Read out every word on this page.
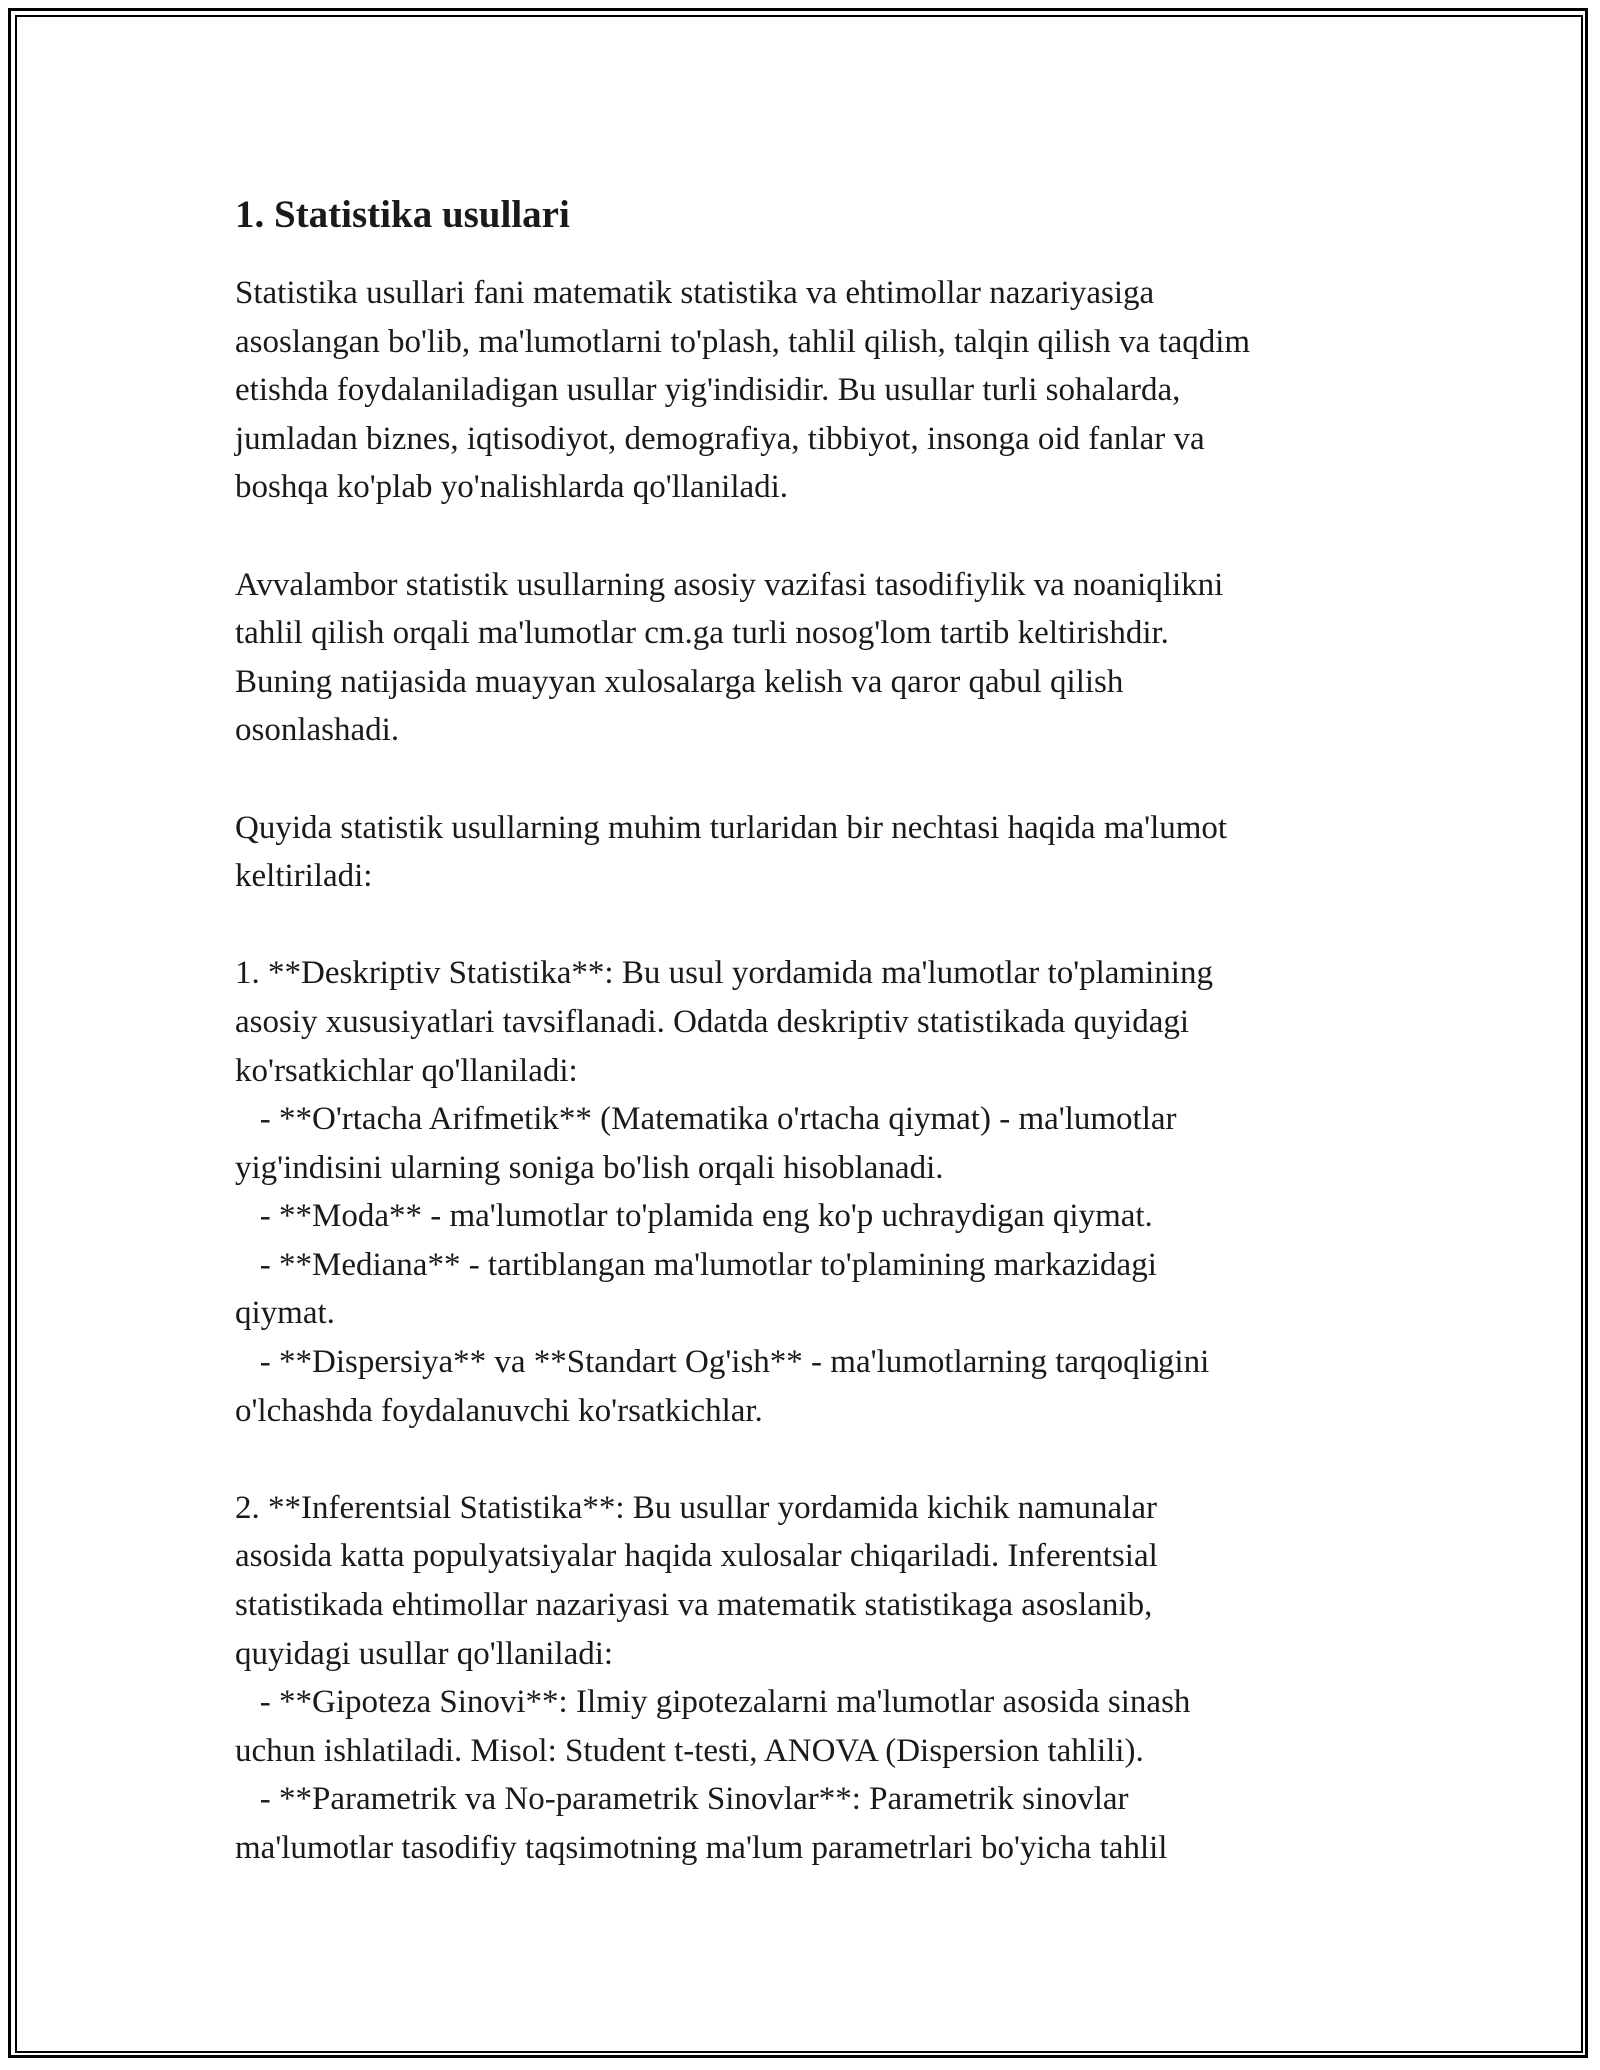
1. Statistika usullari
Statistika usullari fani matematik statistika va ehtimollar nazariyasiga
asoslangan bo'lib, ma'lumotlarni to'plash, tahlil qilish, talqin qilish va taqdim
etishda foydalaniladigan usullar yig'indisidir. Bu usullar turli sohalarda,
jumladan biznes, iqtisodiyot, demografiya, tibbiyot, insonga oid fanlar va
boshqa ko'plab yo'nalishlarda qo'llaniladi.
Avvalambor statistik usullarning asosiy vazifasi tasodifiylik va noaniqlikni
tahlil qilish orqali ma'lumotlar cm.ga turli nosog'lom tartib keltirishdir.
Buning natijasida muayyan xulosalarga kelish va qaror qabul qilish
osonlashadi.
Quyida statistik usullarning muhim turlaridan bir nechtasi haqida ma'lumot
keltiriladi:
1. **Deskriptiv Statistika**: Bu usul yordamida ma'lumotlar to'plamining
asosiy xususiyatlari tavsiflanadi. Odatda deskriptiv statistikada quyidagi
ko'rsatkichlar qo'llaniladi:
- **O'rtacha Arifmetik** (Matematika o'rtacha qiymat) - ma'lumotlar
yig'indisini ularning soniga bo'lish orqali hisoblanadi.
- **Moda** - ma'lumotlar to'plamida eng ko'p uchraydigan qiymat.
- **Mediana** - tartiblangan ma'lumotlar to'plamining markazidagi
qiymat.
- **Dispersiya** va **Standart Og'ish** - ma'lumotlarning tarqoqligini
o'lchashda foydalanuvchi ko'rsatkichlar.
2. **Inferentsial Statistika**: Bu usullar yordamida kichik namunalar
asosida katta populyatsiyalar haqida xulosalar chiqariladi. Inferentsial
statistikada ehtimollar nazariyasi va matematik statistikaga asoslanib,
quyidagi usullar qo'llaniladi:
- **Gipoteza Sinovi**: Ilmiy gipotezalarni ma'lumotlar asosida sinash
uchun ishlatiladi. Misol: Student t-testi, ANOVA (Dispersion tahlili).
- **Parametrik va No-parametrik Sinovlar**: Parametrik sinovlar
ma'lumotlar tasodifiy taqsimotning ma'lum parametrlari bo'yicha tahlil
